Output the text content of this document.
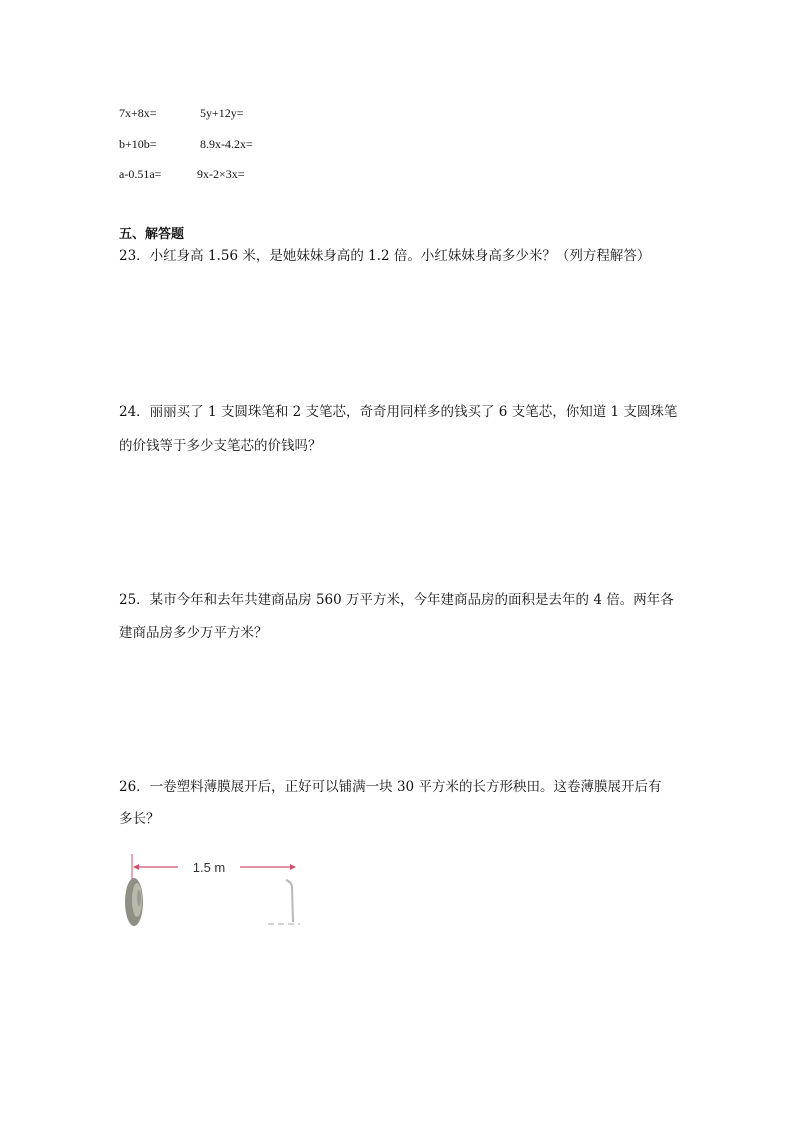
7x+8x=	5y+12y=
b+10b=	8.9x-4.2x=
a-0.51a=	9x-2×3x=
五、解答题
23．小红身高 1.56 米，是她妹妹身高的 1.2 倍。小红妹妹身高多少米？（列方程解答）
24．丽丽买了 1 支圆珠笔和 2 支笔芯，奇奇用同样多的钱买了 6 支笔芯，你知道 1 支圆珠笔
的价钱等于多少支笔芯的价钱吗？
25．某市今年和去年共建商品房 560 万平方米，今年建商品房的面积是去年的 4 倍。两年各
建商品房多少万平方米？
26．一卷塑料薄膜展开后，正好可以铺满一块 30 平方米的长方形秧田。这卷薄膜展开后有
多长？
1.5 m
